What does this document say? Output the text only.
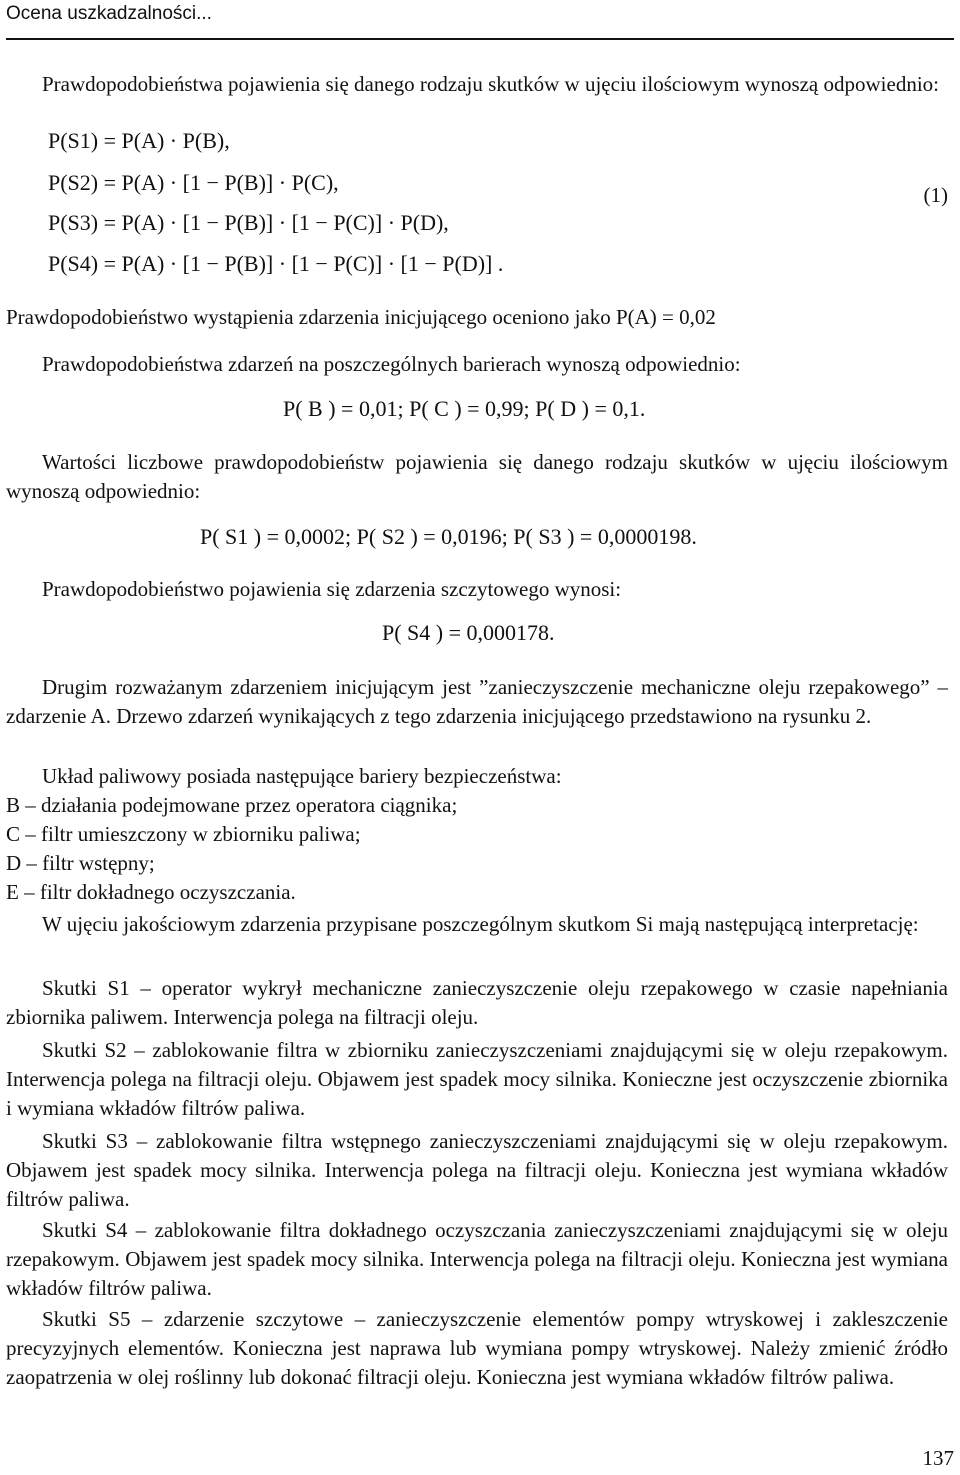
Ocena uszkadzalności...
Prawdopodobieństwa pojawienia się danego rodzaju skutków w ujęciu ilościowym wynoszą odpowiednio:
P(S1) = P(A) · P(B),
P(S2) = P(A) · [1 − P(B)] · P(C),
P(S3) = P(A) · [1 − P(B)] · [1 − P(C)] · P(D),
P(S4) = P(A) · [1 − P(B)] · [1 − P(C)] · [1 − P(D)] .
(1)
Prawdopodobieństwo wystąpienia zdarzenia inicjującego oceniono jako P(A) = 0,02
Prawdopodobieństwa zdarzeń na poszczególnych barierach wynoszą odpowiednio:
P( B ) = 0,01; P( C ) = 0,99; P( D ) = 0,1.
Wartości liczbowe prawdopodobieństw pojawienia się danego rodzaju skutków w ujęciu ilościowym wynoszą odpowiednio:
P( S1 ) = 0,0002; P( S2 ) = 0,0196; P( S3 ) = 0,0000198.
Prawdopodobieństwo pojawienia się zdarzenia szczytowego wynosi:
P( S4 ) = 0,000178.
Drugim rozważanym zdarzeniem inicjującym jest ”zanieczyszczenie mechaniczne oleju rzepakowego” – zdarzenie A. Drzewo zdarzeń wynikających z tego zdarzenia inicjującego przedstawiono na rysunku 2.
Układ paliwowy posiada następujące bariery bezpieczeństwa:
B – działania podejmowane przez operatora ciągnika;
C – filtr umieszczony w zbiorniku paliwa;
D – filtr wstępny;
E – filtr dokładnego oczyszczania.
W ujęciu jakościowym zdarzenia przypisane poszczególnym skutkom Si mają następującą interpretację:
Skutki S1 – operator wykrył mechaniczne zanieczyszczenie oleju rzepakowego w czasie napełniania zbiornika paliwem. Interwencja polega na filtracji oleju.
Skutki S2 – zablokowanie filtra w zbiorniku zanieczyszczeniami znajdującymi się w oleju rzepakowym. Interwencja polega na filtracji oleju. Objawem jest spadek mocy silnika. Konieczne jest oczyszczenie zbiornika i wymiana wkładów filtrów paliwa.
Skutki S3 – zablokowanie filtra wstępnego zanieczyszczeniami znajdującymi się w oleju rzepakowym. Objawem jest spadek mocy silnika. Interwencja polega na filtracji oleju. Konieczna jest wymiana wkładów filtrów paliwa.
Skutki S4 – zablokowanie filtra dokładnego oczyszczania zanieczyszczeniami znajdującymi się w oleju rzepakowym. Objawem jest spadek mocy silnika. Interwencja polega na filtracji oleju. Konieczna jest wymiana wkładów filtrów paliwa.
Skutki S5 – zdarzenie szczytowe – zanieczyszczenie elementów pompy wtryskowej i zakleszczenie precyzyjnych elementów. Konieczna jest naprawa lub wymiana pompy wtryskowej. Należy zmienić źródło zaopatrzenia w olej roślinny lub dokonać filtracji oleju. Konieczna jest wymiana wkładów filtrów paliwa.
137
